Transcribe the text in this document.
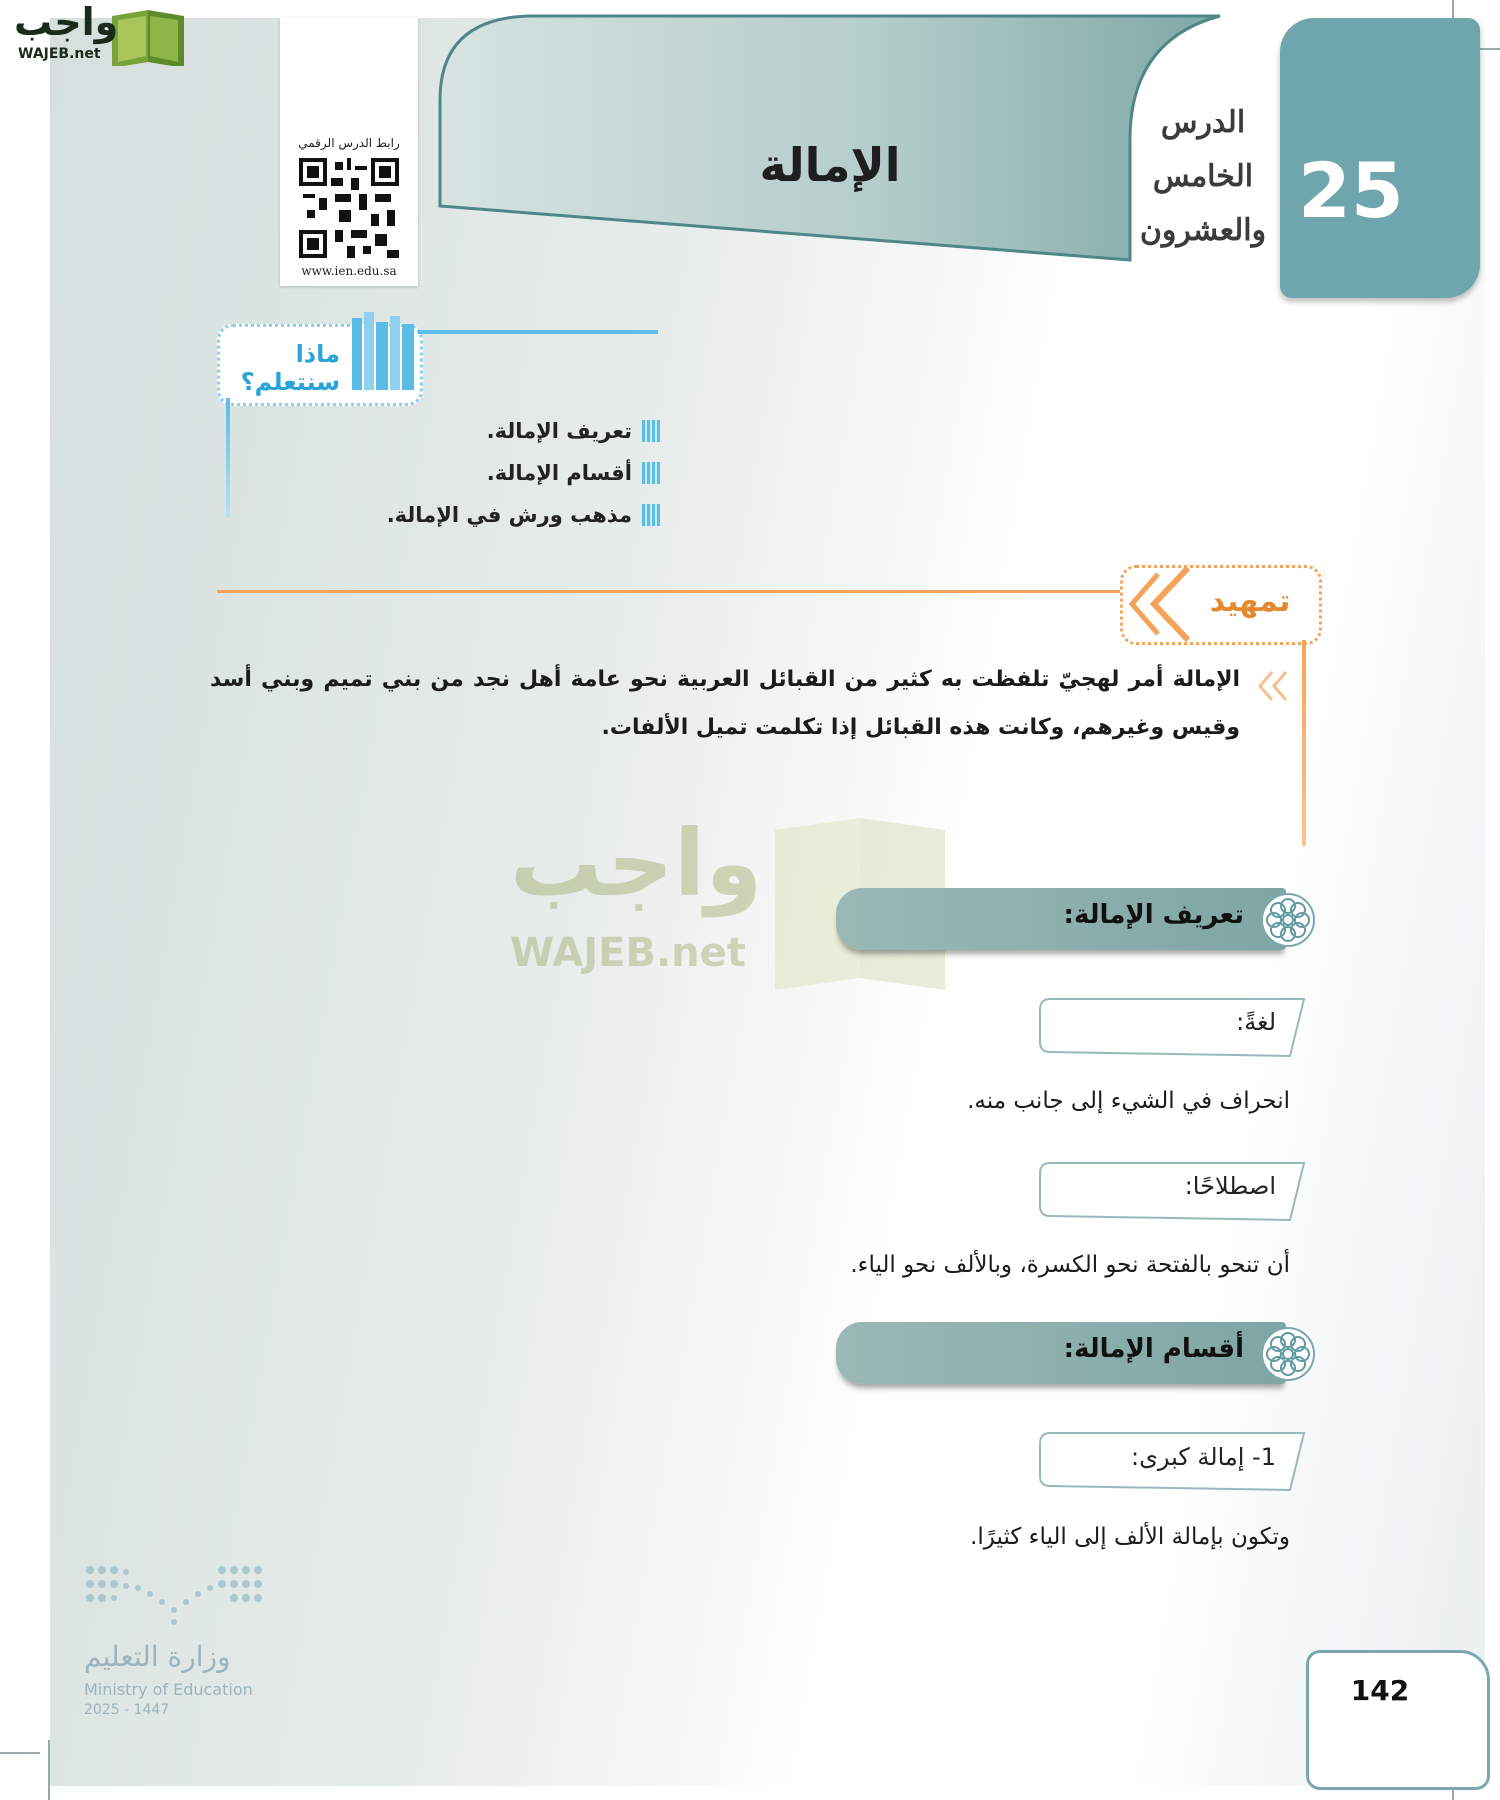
واجب
WAJEB.net
25
الدرس
الخامس
والعشرون
الإمالة
رابط الدرس الرقمي
www.ien.edu.sa
ماذا
سنتعلم؟
تعريف الإمالة.
أقسام الإمالة.
مذهب ورش في الإمالة.
تمهيد
الإمالة أمر لهجيّ تلفظت به كثير من القبائل العربية نحو عامة أهل نجد من بني تميم وبني أسد وقيس وغيرهم، وكانت هذه القبائل إذا تكلمت تميل الألفات.
واجب
WAJEB.net
تعريف الإمالة:
لغةً:
انحراف في الشيء إلى جانب منه.
اصطلاحًا:
أن تنحو بالفتحة نحو الكسرة، وبالألف نحو الياء.
أقسام الإمالة:
1- إمالة كبرى:
وتكون بإمالة الألف إلى الياء كثيرًا.
وزارة التعليم
Ministry of Education
2025 - 1447
142
